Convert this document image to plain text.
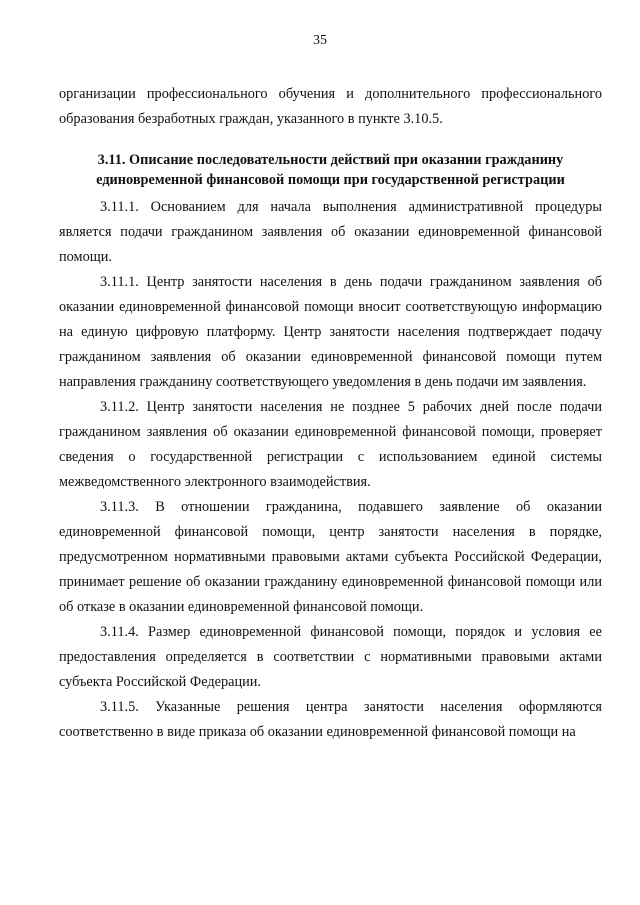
35

организации профессионального обучения и дополнительного профессионального образования безработных граждан, указанного в пункте 3.10.5.

3.11. Описание последовательности действий при оказании гражданину единовременной финансовой помощи при государственной регистрации

3.11.1. Основанием для начала выполнения административной процедуры является подачи гражданином заявления об оказании единовременной финансовой помощи.

3.11.1. Центр занятости населения в день подачи гражданином заявления об оказании единовременной финансовой помощи вносит соответствующую информацию на единую цифровую платформу. Центр занятости населения подтверждает подачу гражданином заявления об оказании единовременной финансовой помощи путем направления гражданину соответствующего уведомления в день подачи им заявления.

3.11.2. Центр занятости населения не позднее 5 рабочих дней после подачи гражданином заявления об оказании единовременной финансовой помощи, проверяет сведения о государственной регистрации с использованием единой системы межведомственного электронного взаимодействия.

3.11.3. В отношении гражданина, подавшего заявление об оказании единовременной финансовой помощи, центр занятости населения в порядке, предусмотренном нормативными правовыми актами субъекта Российской Федерации, принимает решение об оказании гражданину единовременной финансовой помощи или об отказе в оказании единовременной финансовой помощи.

3.11.4. Размер единовременной финансовой помощи, порядок и условия ее предоставления определяется в соответствии с нормативными правовыми актами субъекта Российской Федерации.

3.11.5. Указанные решения центра занятости населения оформляются соответственно в виде приказа об оказании единовременной финансовой помощи на
